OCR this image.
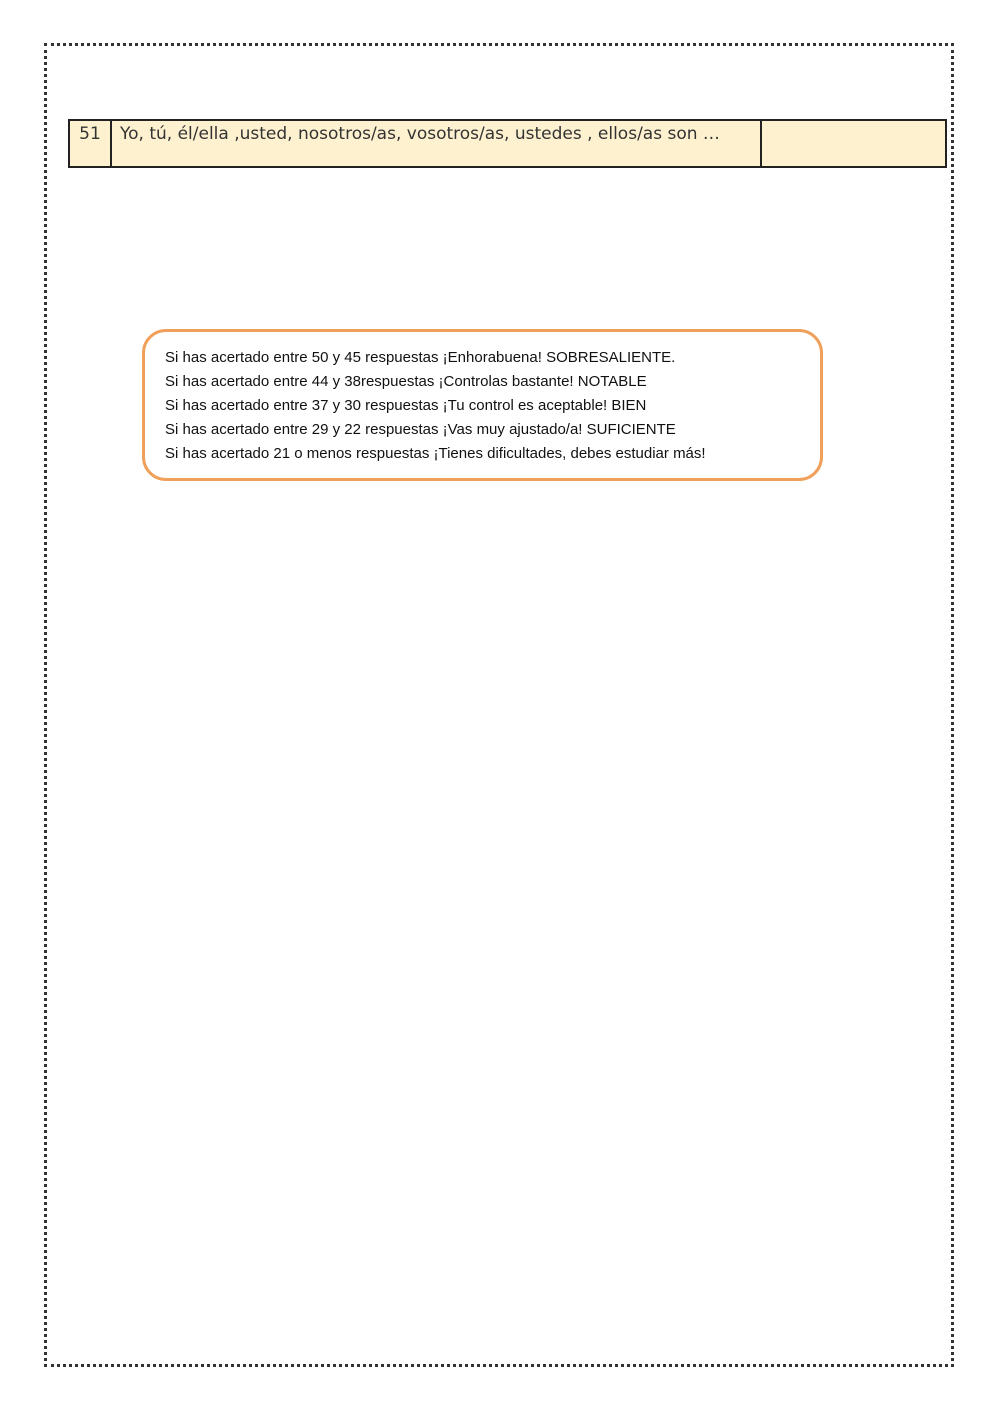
51	Yo, tú, él/ella ,usted, nosotros/as, vosotros/as, ustedes , ellos/as son …	
Si has acertado entre 50 y 45 respuestas ¡Enhorabuena! SOBRESALIENTE.
Si has acertado entre 44 y 38respuestas ¡Controlas bastante! NOTABLE
Si has acertado entre 37 y 30 respuestas ¡Tu control es aceptable! BIEN
Si has acertado entre 29 y 22 respuestas ¡Vas muy ajustado/a! SUFICIENTE
Si has acertado 21 o menos respuestas ¡Tienes dificultades, debes estudiar más!
